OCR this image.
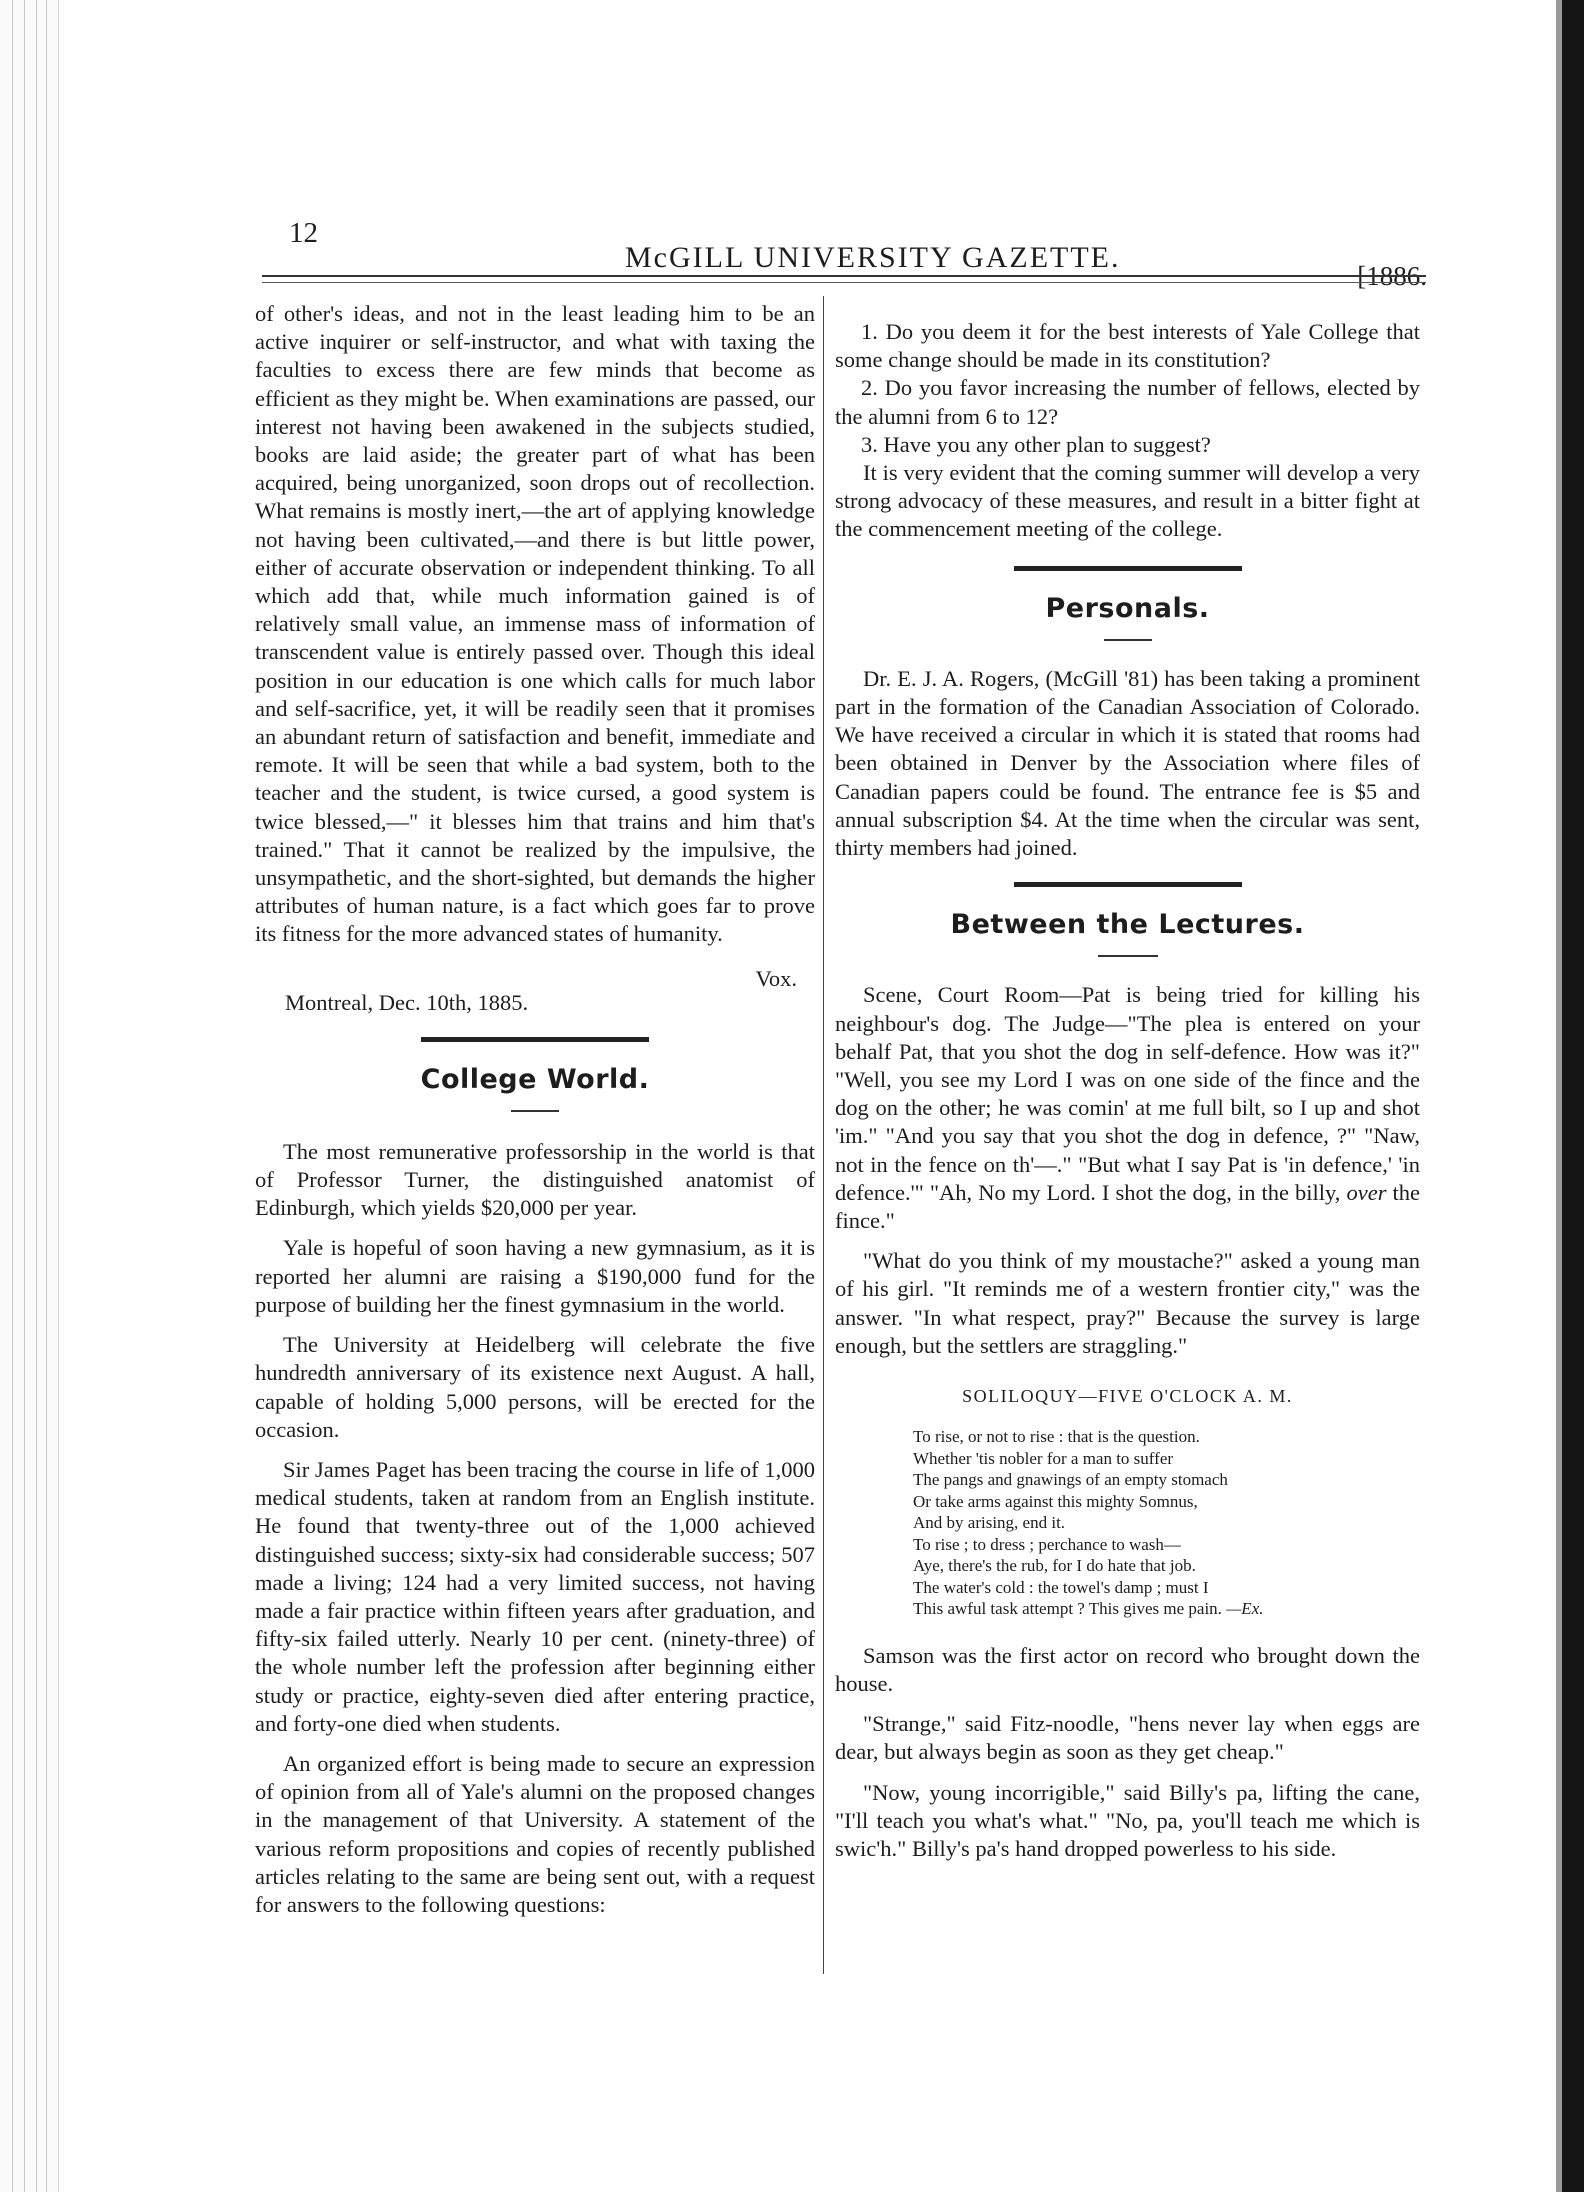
12
McGILL UNIVERSITY GAZETTE.
[1886.

of other's ideas, and not in the least leading him to be an active inquirer or self-instructor, and what with taxing the faculties to excess there are few minds that become as efficient as they might be. When examinations are passed, our interest not having been awakened in the subjects studied, books are laid aside; the greater part of what has been acquired, being unorganized, soon drops out of recollection. What remains is mostly inert,—the art of applying knowledge not having been cultivated,—and there is but little power, either of accurate observation or independent thinking. To all which add that, while much information gained is of relatively small value, an immense mass of information of transcendent value is entirely passed over. Though this ideal position in our education is one which calls for much labor and self-sacrifice, yet, it will be readily seen that it promises an abundant return of satisfaction and benefit, immediate and remote. It will be seen that while a bad system, both to the teacher and the student, is twice cursed, a good system is twice blessed,—" it blesses him that trains and him that's trained." That it cannot be realized by the impulsive, the unsympathetic, and the short-sighted, but demands the higher attributes of human nature, is a fact which goes far to prove its fitness for the more advanced states of humanity.

Vox.
Montreal, Dec. 10th, 1885.
College World.

The most remunerative professorship in the world is that of Professor Turner, the distinguished anatomist of Edinburgh, which yields $20,000 per year.

Yale is hopeful of soon having a new gymnasium, as it is reported her alumni are raising a $190,000 fund for the purpose of building her the finest gymnasium in the world.

The University at Heidelberg will celebrate the five hundredth anniversary of its existence next August. A hall, capable of holding 5,000 persons, will be erected for the occasion.

Sir James Paget has been tracing the course in life of 1,000 medical students, taken at random from an English institute. He found that twenty-three out of the 1,000 achieved distinguished success; sixty-six had considerable success; 507 made a living; 124 had a very limited success, not having made a fair practice within fifteen years after graduation, and fifty-six failed utterly. Nearly 10 per cent. (ninety-three) of the whole number left the profession after beginning either study or practice, eighty-seven died after entering practice, and forty-one died when students.

An organized effort is being made to secure an expression of opinion from all of Yale's alumni on the proposed changes in the management of that University. A statement of the various reform propositions and copies of recently published articles relating to the same are being sent out, with a request for answers to the following questions:

1. Do you deem it for the best interests of Yale College that some change should be made in its constitution?

2. Do you favor increasing the number of fellows, elected by the alumni from 6 to 12?

3. Have you any other plan to suggest?

It is very evident that the coming summer will develop a very strong advocacy of these measures, and result in a bitter fight at the commencement meeting of the college.

Personals.

Dr. E. J. A. Rogers, (McGill '81) has been taking a prominent part in the formation of the Canadian Association of Colorado. We have received a circular in which it is stated that rooms had been obtained in Denver by the Association where files of Canadian papers could be found. The entrance fee is $5 and annual subscription $4. At the time when the circular was sent, thirty members had joined.

Between the Lectures.

Scene, Court Room—Pat is being tried for killing his neighbour's dog. The Judge—"The plea is entered on your behalf Pat, that you shot the dog in self-defence. How was it?" "Well, you see my Lord I was on one side of the fince and the dog on the other; he was comin' at me full bilt, so I up and shot 'im." "And you say that you shot the dog in defence, ?" "Naw, not in the fence on th'—." "But what I say Pat is 'in defence,' 'in defence.'" "Ah, No my Lord. I shot the dog, in the billy, over the fince."

"What do you think of my moustache?" asked a young man of his girl. "It reminds me of a western frontier city," was the answer. "In what respect, pray?" Because the survey is large enough, but the settlers are straggling."

SOLILOQUY—FIVE O'CLOCK A. M.

To rise, or not to rise : that is the question.

Whether 'tis nobler for a man to suffer

The pangs and gnawings of an empty stomach

Or take arms against this mighty Somnus,

And by arising, end it.

To rise ; to dress ; perchance to wash—

Aye, there's the rub, for I do hate that job.

The water's cold : the towel's damp ; must I

This awful task attempt ? This gives me pain. —Ex.

Samson was the first actor on record who brought down the house.

"Strange," said Fitz-noodle, "hens never lay when eggs are dear, but always begin as soon as they get cheap."

"Now, young incorrigible," said Billy's pa, lifting the cane, "I'll teach you what's what." "No, pa, you'll teach me which is swic'h." Billy's pa's hand dropped powerless to his side.
